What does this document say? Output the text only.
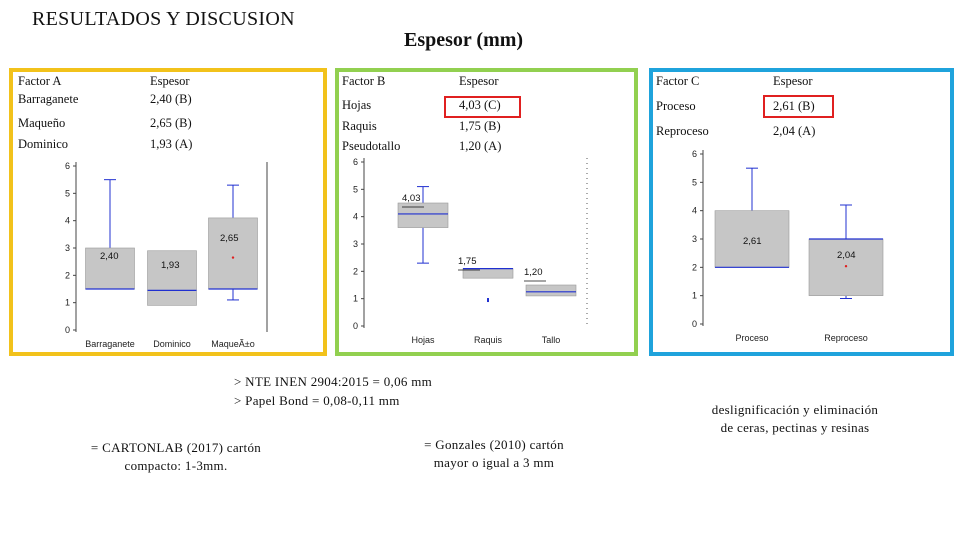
RESULTADOS Y DISCUSION
Espesor (mm)
Factor A	Espesor
Barraganete	2,40 (B)
Maqueño	2,65 (B)
Dominico	1,93 (A)
0
1
2
3
4
5
6
2,40
Barraganete
1,93
Dominico
2,65
MaqueÃ±o
Factor B	Espesor
Hojas	4,03 (C)
Raquis	1,75 (B)
Pseudotallo	1,20 (A)
0
1
2
3
4
5
6
4,03
Hojas
1,75
Raquis
1,20
Tallo
Factor C	Espesor
Proceso	2,61 (B)
Reproceso	2,04 (A)
0
1
2
3
4
5
6
2,61
Proceso
2,04
Reproceso
> NTE INEN 2904:2015 = 0,06 mm
> Papel Bond = 0,08-0,11 mm
= CARTONLAB (2017) cartón
compacto: 1-3mm.
= Gonzales (2010) cartón
mayor o igual a 3 mm
deslignificación y eliminación
de ceras, pectinas y resinas
